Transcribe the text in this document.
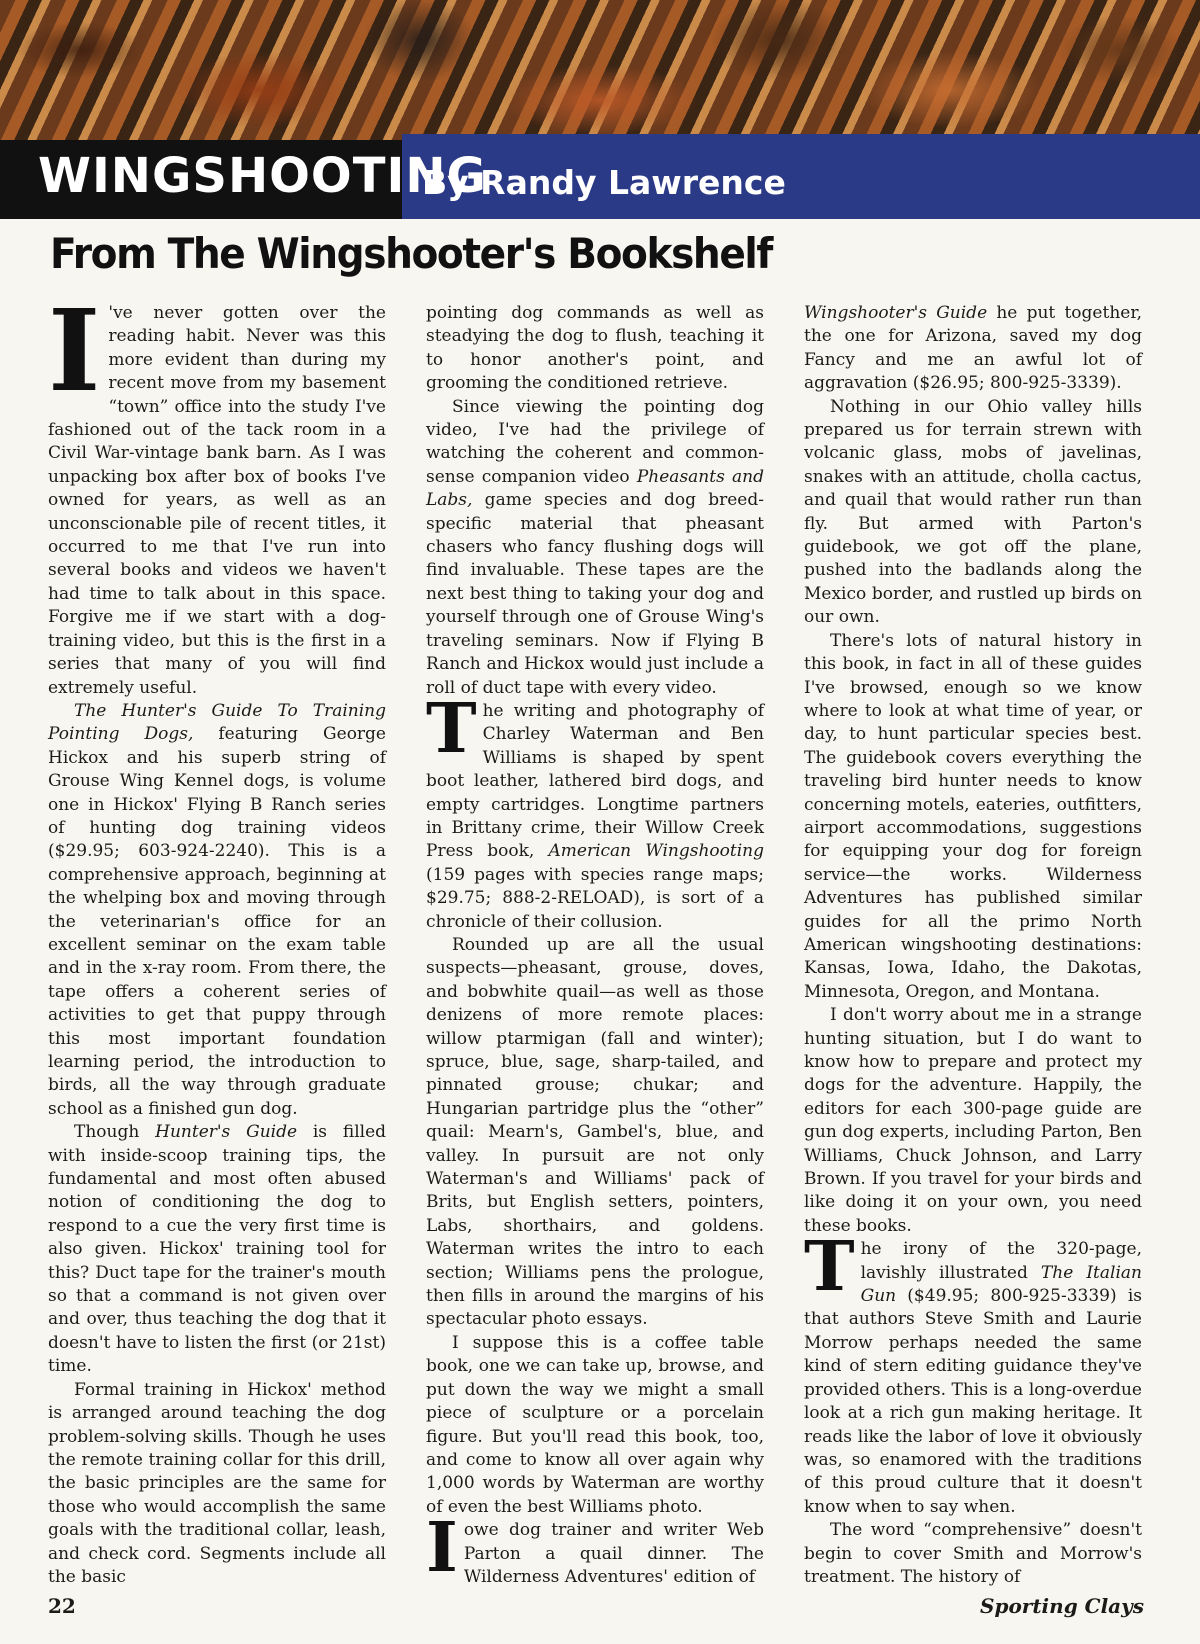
WINGSHOOTING
By Randy Lawrence
From The Wingshooter's Bookshelf

I 've never gotten over the reading habit. Never was this more evident than during my recent move from my basement “town” office into the study I've fashioned out of the tack room in a Civil War-vintage bank barn. As I was unpacking box after box of books I've owned for years, as well as an unconscionable pile of recent titles, it occurred to me that I've run into several books and videos we haven't had time to talk about in this space. Forgive me if we start with a dog-training video, but this is the first in a series that many of you will find extremely useful.

The Hunter's Guide To Training Pointing Dogs, featuring George Hickox and his superb string of Grouse Wing Kennel dogs, is volume one in Hickox' Flying B Ranch series of hunting dog training videos ($29.95; 603-924-2240). This is a comprehensive approach, beginning at the whelping box and moving through the veterinarian's office for an excellent seminar on the exam table and in the x-ray room. From there, the tape offers a coherent series of activities to get that puppy through this most important foundation learning period, the introduction to birds, all the way through graduate school as a finished gun dog.

Though Hunter's Guide is filled with inside-scoop training tips, the fundamental and most often abused notion of conditioning the dog to respond to a cue the very first time is also given. Hickox' training tool for this? Duct tape for the trainer's mouth so that a command is not given over and over, thus teaching the dog that it doesn't have to listen the first (or 21st) time.

Formal training in Hickox' method is arranged around teaching the dog problem-solving skills. Though he uses the remote training collar for this drill, the basic principles are the same for those who would accomplish the same goals with the traditional collar, leash, and check cord. Segments include all the basic

pointing dog commands as well as steadying the dog to flush, teaching it to honor another's point, and grooming the conditioned retrieve.

Since viewing the pointing dog video, I've had the privilege of watching the coherent and common-sense companion video Pheasants and Labs, game species and dog breed-specific material that pheasant chasers who fancy flushing dogs will find invaluable. These tapes are the next best thing to taking your dog and yourself through one of Grouse Wing's traveling seminars. Now if Flying B Ranch and Hickox would just include a roll of duct tape with every video.

The writing and photography of Charley Waterman and Ben Williams is shaped by spent boot leather, lathered bird dogs, and empty cartridges. Longtime partners in Brittany crime, their Willow Creek Press book, American Wingshooting (159 pages with species range maps; $29.75; 888-2-RELOAD), is sort of a chronicle of their collusion.

Rounded up are all the usual suspects—pheasant, grouse, doves, and bobwhite quail—as well as those denizens of more remote places: willow ptarmigan (fall and winter); spruce, blue, sage, sharp-tailed, and pinnated grouse; chukar; and Hungarian partridge plus the “other” quail: Mearn's, Gambel's, blue, and valley. In pursuit are not only Waterman's and Williams' pack of Brits, but English setters, pointers, Labs, shorthairs, and goldens. Waterman writes the intro to each section; Williams pens the prologue, then fills in around the margins of his spectacular photo essays.

I suppose this is a coffee table book, one we can take up, browse, and put down the way we might a small piece of sculpture or a porcelain figure. But you'll read this book, too, and come to know all over again why 1,000 words by Waterman are worthy of even the best Williams photo.

Iowe dog trainer and writer Web Parton a quail dinner. The Wilderness Adventures' edition of

Wingshooter's Guide he put together, the one for Arizona, saved my dog Fancy and me an awful lot of aggravation ($26.95; 800-925-3339).

Nothing in our Ohio valley hills prepared us for terrain strewn with volcanic glass, mobs of javelinas, snakes with an attitude, cholla cactus, and quail that would rather run than fly. But armed with Parton's guidebook, we got off the plane, pushed into the badlands along the Mexico border, and rustled up birds on our own.

There's lots of natural history in this book, in fact in all of these guides I've browsed, enough so we know where to look at what time of year, or day, to hunt particular species best. The guidebook covers everything the traveling bird hunter needs to know concerning motels, eateries, outfitters, airport accommodations, suggestions for equipping your dog for foreign service—the works. Wilderness Adventures has published similar guides for all the primo North American wingshooting destinations: Kansas, Iowa, Idaho, the Dakotas, Minnesota, Oregon, and Montana.

I don't worry about me in a strange hunting situation, but I do want to know how to prepare and protect my dogs for the adventure. Happily, the editors for each 300-page guide are gun dog experts, including Parton, Ben Williams, Chuck Johnson, and Larry Brown. If you travel for your birds and like doing it on your own, you need these books.

The irony of the 320-page, lavishly illustrated The Italian Gun ($49.95; 800-925-3339) is that authors Steve Smith and Laurie Morrow perhaps needed the same kind of stern editing guidance they've provided others. This is a long-overdue look at a rich gun making heritage. It reads like the labor of love it obviously was, so enamored with the traditions of this proud culture that it doesn't know when to say when.

The word “comprehensive” doesn't begin to cover Smith and Morrow's treatment. The history of

22	Sporting Clays
